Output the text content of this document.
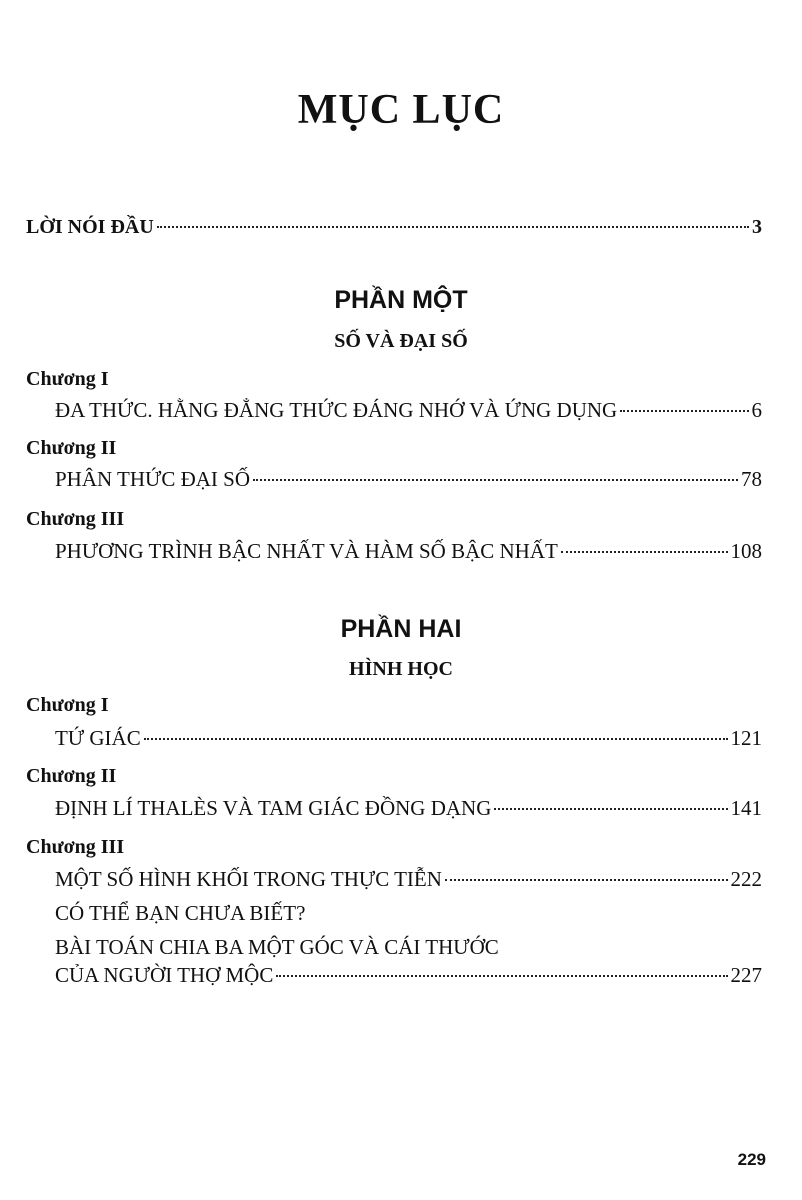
MỤC LỤC
LỜI NÓI ĐẦU	3
PHẦN MỘT
SỐ VÀ ĐẠI SỐ
Chương I
ĐA THỨC. HẰNG ĐẲNG THỨC ĐÁNG NHỚ VÀ ỨNG DỤNG	6
Chương II
PHÂN THỨC ĐẠI SỐ	78
Chương III
PHƯƠNG TRÌNH BẬC NHẤT VÀ HÀM SỐ BẬC NHẤT	108
PHẦN HAI
HÌNH HỌC
Chương I
TỨ GIÁC	121
Chương II
ĐỊNH LÍ THALÈS VÀ TAM GIÁC ĐỒNG DẠNG	141
Chương III
MỘT SỐ HÌNH KHỐI TRONG THỰC TIỄN	222
CÓ THỂ BẠN CHƯA BIẾT?
BÀI TOÁN CHIA BA MỘT GÓC VÀ CÁI THƯỚC
CỦA NGƯỜI THỢ MỘC	227
229
